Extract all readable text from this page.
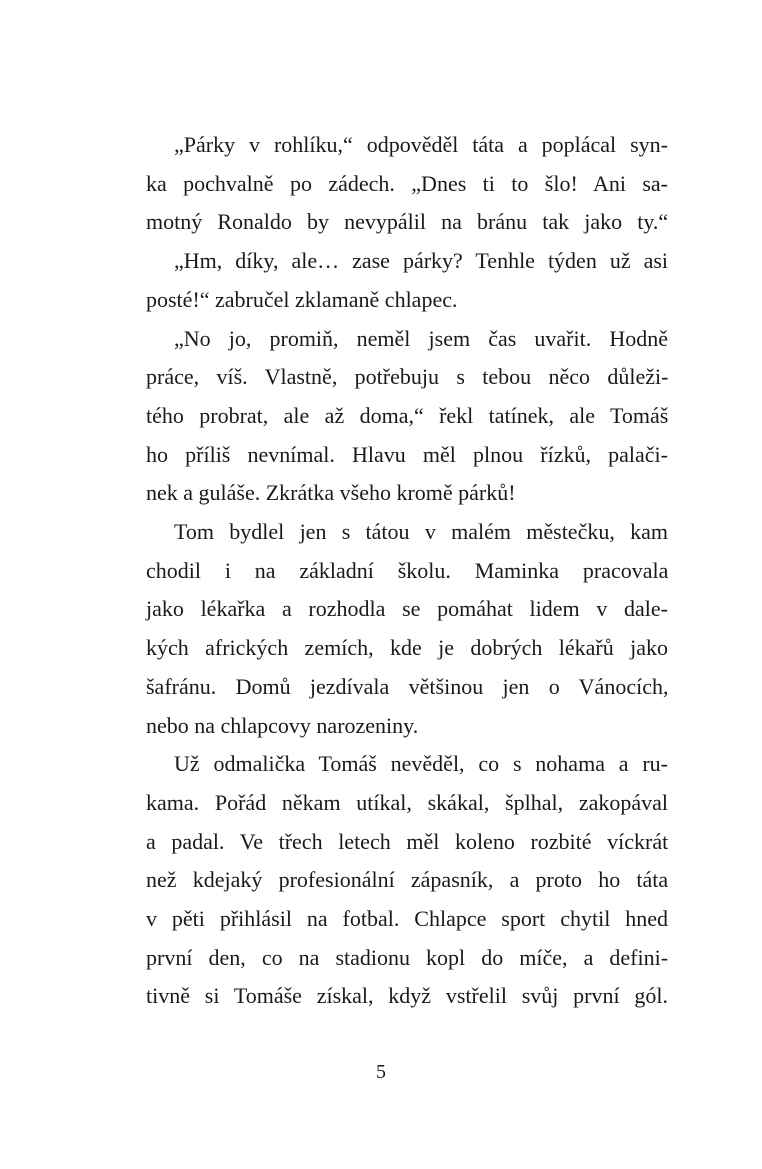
„Párky v rohlíku,“ odpověděl táta a poplácal syn-
ka pochvalně po zádech. „Dnes ti to šlo! Ani sa-
motný Ronaldo by nevypálil na bránu tak jako ty.“
„Hm, díky, ale… zase párky? Tenhle týden už asi
posté!“ zabručel zklamaně chlapec.
„No jo, promiň, neměl jsem čas uvařit. Hodně
práce, víš. Vlastně, potřebuju s tebou něco důleži-
tého probrat, ale až doma,“ řekl tatínek, ale Tomáš
ho příliš nevnímal. Hlavu měl plnou řízků, palači-
nek a guláše. Zkrátka všeho kromě párků!
Tom bydlel jen s tátou v malém městečku, kam
chodil i na základní školu. Maminka pracovala
jako lékařka a rozhodla se pomáhat lidem v dale-
kých afrických zemích, kde je dobrých lékařů jako
šafránu. Domů jezdívala většinou jen o Vánocích,
nebo na chlapcovy narozeniny.
Už odmalička Tomáš nevěděl, co s nohama a ru-
kama. Pořád někam utíkal, skákal, šplhal, zakopával
a padal. Ve třech letech měl koleno rozbité víckrát
než kdejaký profesionální zápasník, a proto ho táta
v pěti přihlásil na fotbal. Chlapce sport chytil hned
první den, co na stadionu kopl do míče, a defini-
tivně si Tomáše získal, když vstřelil svůj první gól.
5
